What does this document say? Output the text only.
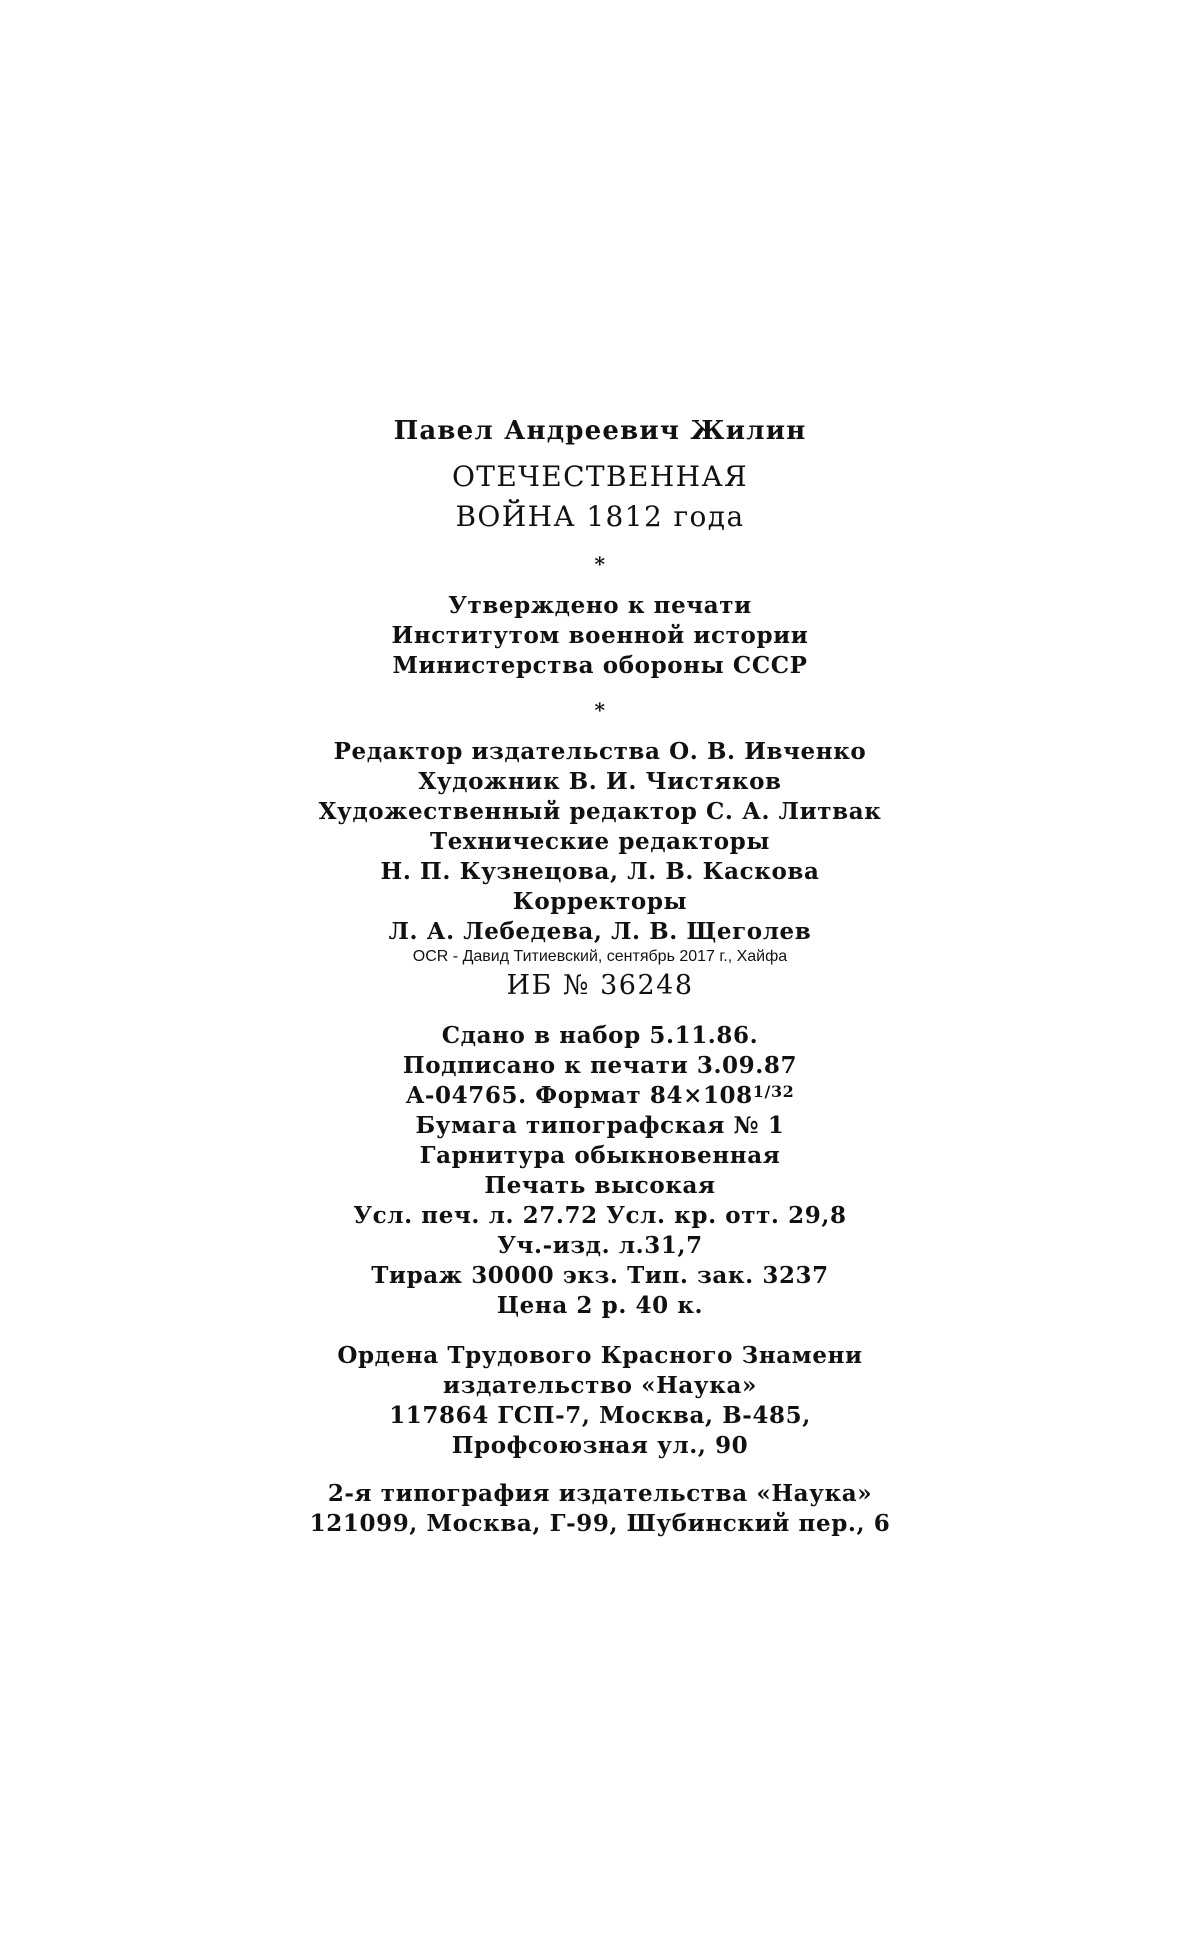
Павел Андреевич Жилин
ОТЕЧЕСТВЕННАЯ
ВОЙНА 1812 года
*
Утверждено к печати
Институтом военной истории
Министерства обороны СССР
*
Редактор издательства О. В. Ивченко
Художник В. И. Чистяков
Художественный редактор С. А. Литвак
Технические редакторы
Н. П. Кузнецова, Л. В. Каскова
Корректоры
Л. А. Лебедева, Л. В. Щеголев
OCR - Давид Титиевский, сентябрь 2017 г., Хайфа
ИБ № 36248
Сдано в набор 5.11.86.
Подписано к печати 3.09.87
А-04765. Формат $84\times 108^{1/32}$
Бумага типографская № 1
Гарнитура обыкновенная
Печать высокая
Усл. печ. л. 27.72 Усл. кр. отт. 29,8
Уч.-изд. л.31,7
Тираж 30000 экз. Тип. зак. 3237
Цена 2 р. 40 к.
Ордена Трудового Красного Знамени
издательство «Наука»
117864 ГСП-7, Москва, В-485,
Профсоюзная ул., 90
2-я типография издательства «Наука»
121099, Москва, Г-99, Шубинский пер., 6
